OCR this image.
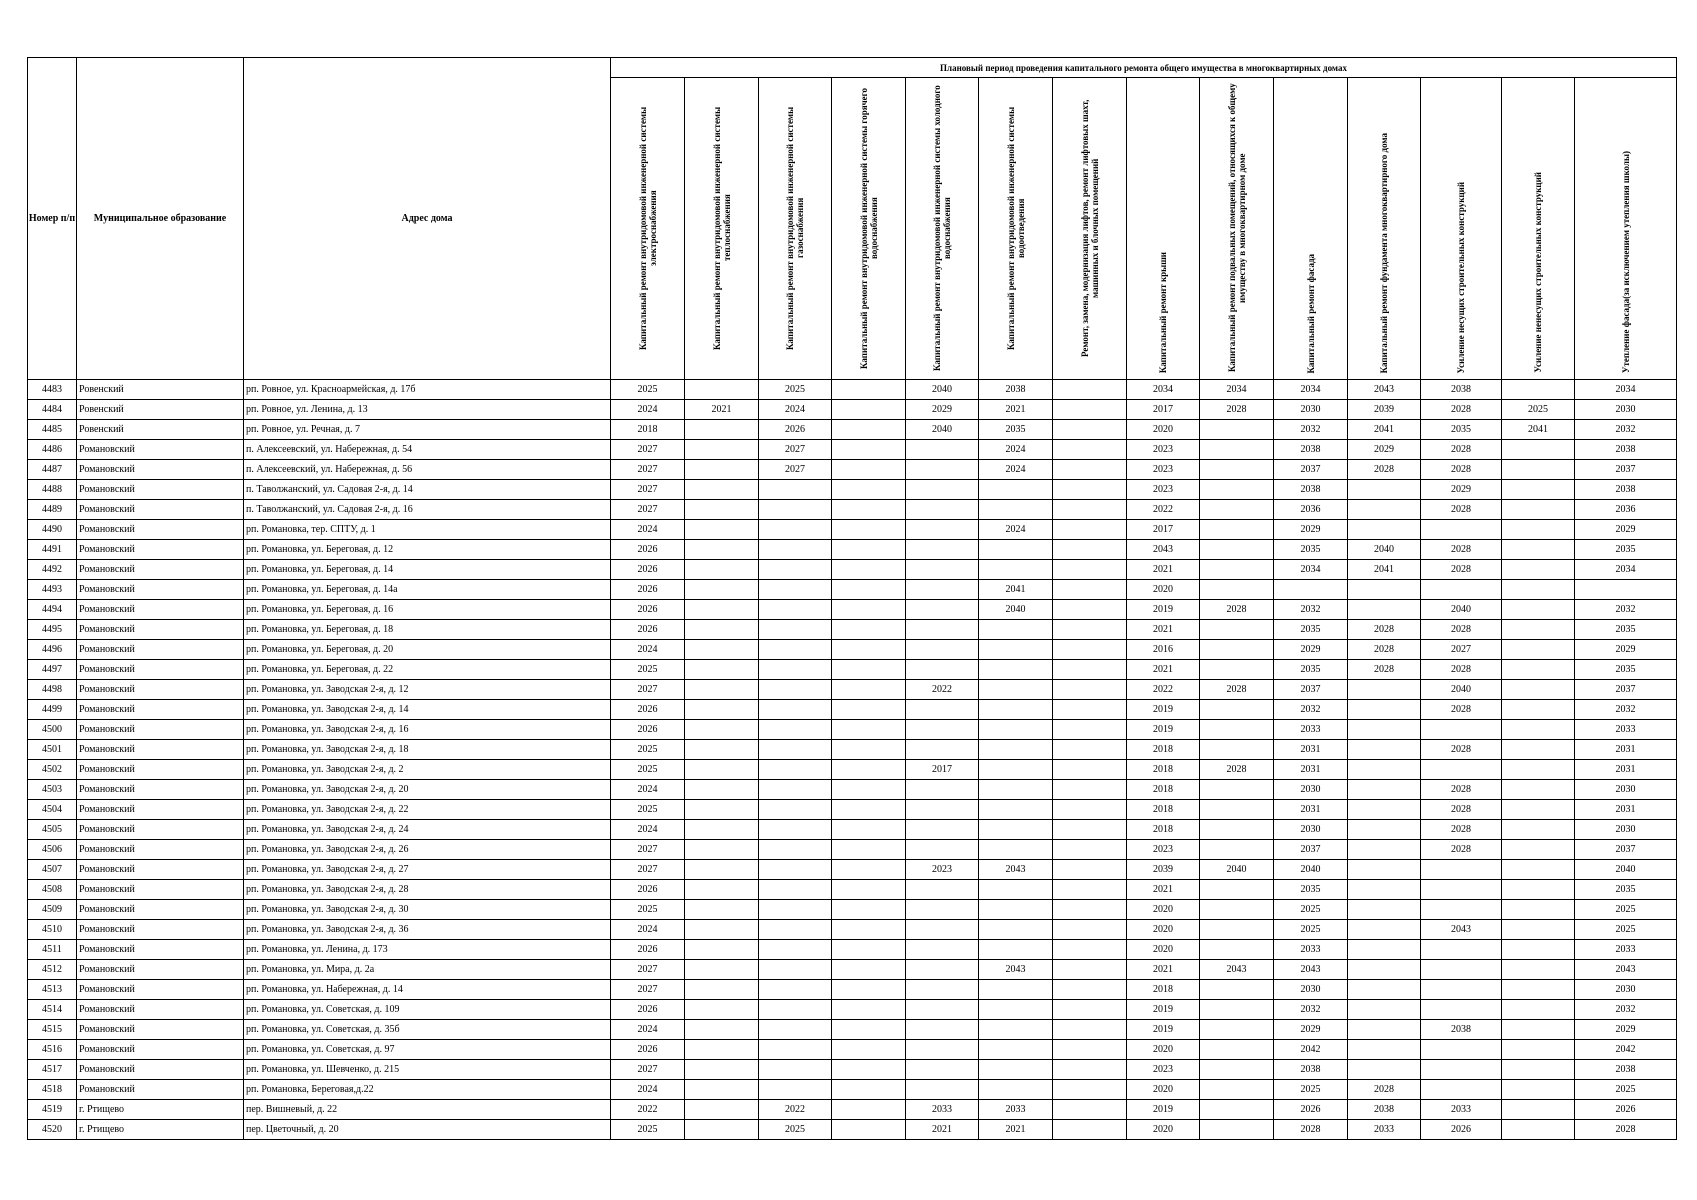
Номер п/п	Муниципальное образование	Адрес дома	Плановый период проведения капитального ремонта общего имущества в многоквартирных домах													

			Капитальный ремонт внутридомовой инженерной системы электроснабжения	Капитальный ремонт внутридомовой инженерной системы теплоснабжения	Капитальный ремонт внутридомовой инженерной системы газоснабжения	Капитальный ремонт внутридомовой инженерной системы горячего водоснабжения	Капитальный ремонт внутридомовой инженерной системы холодного водоснабжения	Капитальный ремонт внутридомовой инженерной системы водоотведения	Ремонт, замена, модернизация лифтов, ремонт лифтовых шахт, машинных и блочных помещений	Капитальный ремонт крыши	Капитальный ремонт подвальных помещений, относящихся к общему имуществу в многоквартирном доме	Капитальный ремонт фасада	Капитальный ремонт фундамента многоквартирного дома	Усиление несущих строительных конструкций	Усиление ненесущих строительных конструкций	Утепление фасада(за исключением утепления школы)

4483	Ровенский	рп. Ровное, ул. Красноармейская, д. 17б	2025		2025		2040	2038		2034	2034	2034	2043	2038		2034
4484	Ровенский	рп. Ровное, ул. Ленина, д. 13	2024	2021	2024		2029	2021		2017	2028	2030	2039	2028	2025	2030
4485	Ровенский	рп. Ровное, ул. Речная, д. 7	2018		2026		2040	2035		2020		2032	2041	2035	2041	2032
4486	Романовский	п. Алексеевский, ул. Набережная, д. 54	2027		2027			2024		2023		2038	2029	2028		2038
4487	Романовский	п. Алексеевский, ул. Набережная, д. 56	2027		2027			2024		2023		2037	2028	2028		2037
4488	Романовский	п. Таволжанский, ул. Садовая 2-я, д. 14	2027							2023		2038		2029		2038
4489	Романовский	п. Таволжанский, ул. Садовая 2-я, д. 16	2027							2022		2036		2028		2036
4490	Романовский	рп. Романовка, тер. СПТУ, д. 1	2024					2024		2017		2029				2029
4491	Романовский	рп. Романовка, ул. Береговая, д. 12	2026							2043		2035	2040	2028		2035
4492	Романовский	рп. Романовка, ул. Береговая, д. 14	2026							2021		2034	2041	2028		2034
4493	Романовский	рп. Романовка, ул. Береговая, д. 14а	2026					2041		2020						
4494	Романовский	рп. Романовка, ул. Береговая, д. 16	2026					2040		2019	2028	2032		2040		2032
4495	Романовский	рп. Романовка, ул. Береговая, д. 18	2026							2021		2035	2028	2028		2035
4496	Романовский	рп. Романовка, ул. Береговая, д. 20	2024							2016		2029	2028	2027		2029
4497	Романовский	рп. Романовка, ул. Береговая, д. 22	2025							2021		2035	2028	2028		2035
4498	Романовский	рп. Романовка, ул. Заводская 2-я, д. 12	2027				2022			2022	2028	2037		2040		2037
4499	Романовский	рп. Романовка, ул. Заводская 2-я, д. 14	2026							2019		2032		2028		2032
4500	Романовский	рп. Романовка, ул. Заводская 2-я, д. 16	2026							2019		2033				2033
4501	Романовский	рп. Романовка, ул. Заводская 2-я, д. 18	2025							2018		2031		2028		2031
4502	Романовский	рп. Романовка, ул. Заводская 2-я, д. 2	2025				2017			2018	2028	2031				2031
4503	Романовский	рп. Романовка, ул. Заводская 2-я, д. 20	2024							2018		2030		2028		2030
4504	Романовский	рп. Романовка, ул. Заводская 2-я, д. 22	2025							2018		2031		2028		2031
4505	Романовский	рп. Романовка, ул. Заводская 2-я, д. 24	2024							2018		2030		2028		2030
4506	Романовский	рп. Романовка, ул. Заводская 2-я, д. 26	2027							2023		2037		2028		2037
4507	Романовский	рп. Романовка, ул. Заводская 2-я, д. 27	2027				2023	2043		2039	2040	2040				2040
4508	Романовский	рп. Романовка, ул. Заводская 2-я, д. 28	2026							2021		2035				2035
4509	Романовский	рп. Романовка, ул. Заводская 2-я, д. 30	2025							2020		2025				2025
4510	Романовский	рп. Романовка, ул. Заводская 2-я, д. 36	2024							2020		2025		2043		2025
4511	Романовский	рп. Романовка, ул. Ленина, д. 173	2026							2020		2033				2033
4512	Романовский	рп. Романовка, ул. Мира, д. 2а	2027					2043		2021	2043	2043				2043
4513	Романовский	рп. Романовка, ул. Набережная, д. 14	2027							2018		2030				2030
4514	Романовский	рп. Романовка, ул. Советская, д. 109	2026							2019		2032				2032
4515	Романовский	рп. Романовка, ул. Советская, д. 35б	2024							2019		2029		2038		2029
4516	Романовский	рп. Романовка, ул. Советская, д. 97	2026							2020		2042				2042
4517	Романовский	рп. Романовка, ул. Шевченко, д. 215	2027							2023		2038				2038
4518	Романовский	рп. Романовка, Береговая,д.22	2024							2020		2025	2028			2025
4519	г. Ртищево	пер. Вишневый, д. 22	2022		2022		2033	2033		2019		2026	2038	2033		2026
4520	г. Ртищево	пер. Цветочный, д. 20	2025		2025		2021	2021		2020		2028	2033	2026		2028
